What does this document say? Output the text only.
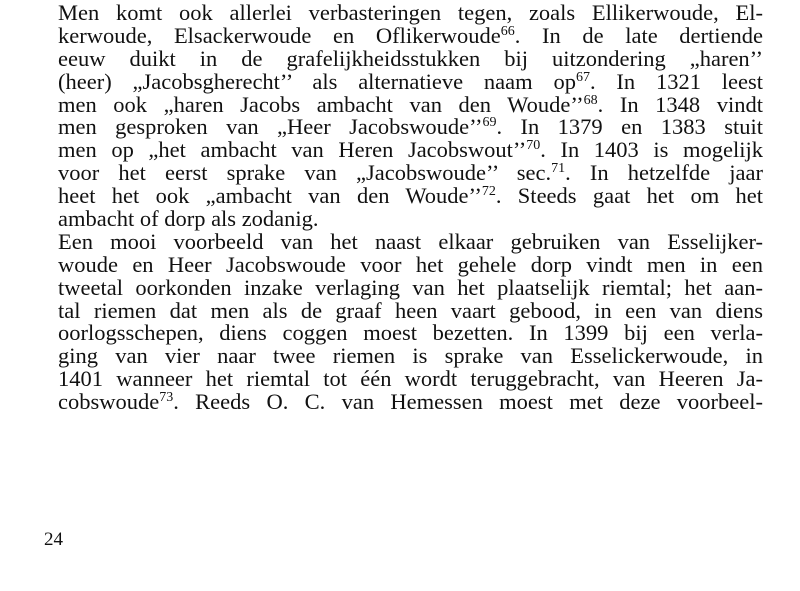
Men komt ook allerlei verbasteringen tegen, zoals Ellikerwoude, El-
kerwoude, Elsackerwoude en Oflikerwoude$^{66}$. In de late dertiende
eeuw duikt in de grafelijkheidsstukken bij uitzondering „haren’’
(heer) „Jacobsgherecht’’ als alternatieve naam $op^{67}$. In 1321 leest
men ook „haren Jacobs ambacht van den Woude’’$^{68}$. In 1348 vindt
men gesproken van „Heer Jacobswoude’’$^{69}$. In 1379 en 1383 stuit
men op „het ambacht van Heren Jacobswout’’$^{70}$. In 1403 is mogelijk
voor het eerst sprake van „Jacobswoude’’ sec.$^{71}$. In hetzelfde jaar
heet het ook „ambacht van den Woude’’$^{72}$. Steeds gaat het om het
ambacht of dorp als zodanig.
Een mooi voorbeeld van het naast elkaar gebruiken van Esselijker-
woude en Heer Jacobswoude voor het gehele dorp vindt men in een
tweetal oorkonden inzake verlaging van het plaatselijk riemtal; het aan-
tal riemen dat men als de graaf heen vaart gebood, in een van diens
oorlogsschepen, diens coggen moest bezetten. In 1399 bij een verla-
ging van vier naar twee riemen is sprake van Esselickerwoude, in
1401 wanneer het riemtal tot één wordt teruggebracht, van Heeren Ja-
cobswoude$^{73}$. Reeds O. C. van Hemessen moest met deze voorbeel-
24
